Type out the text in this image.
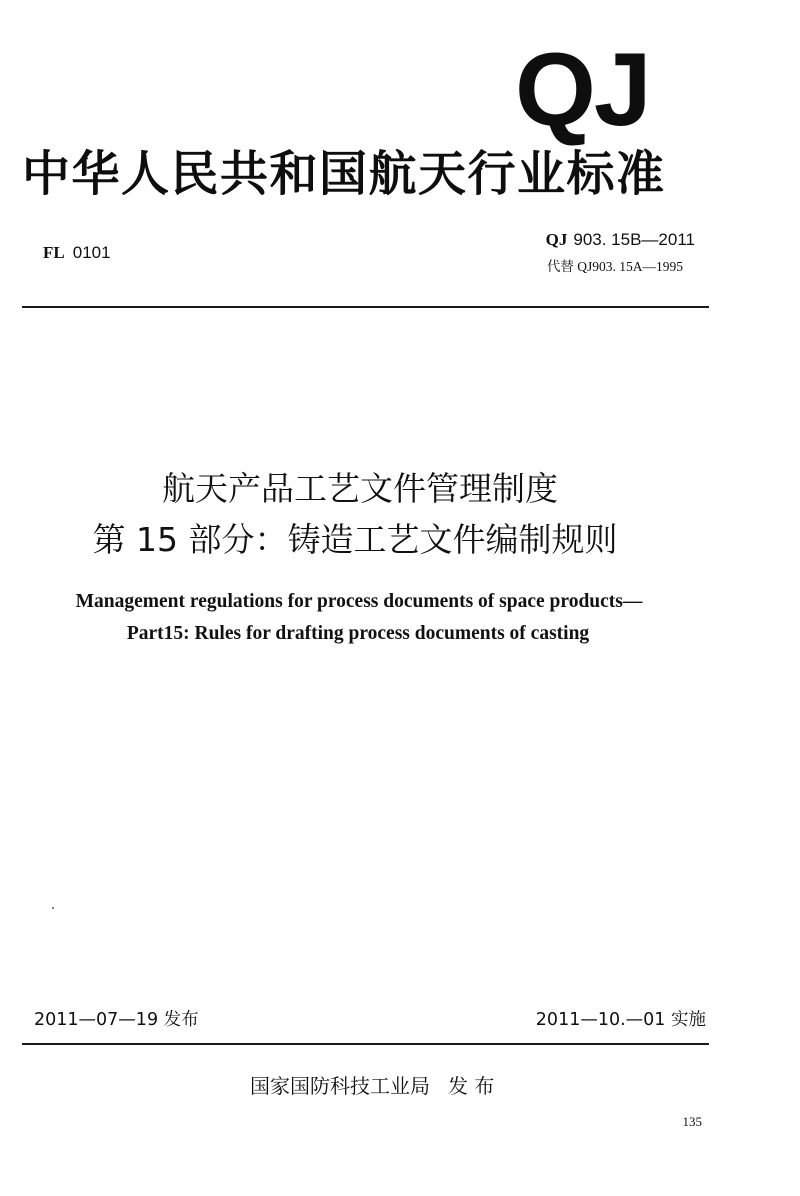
QJ
中华人民共和国航天行业标准
FL 0101
QJ 903. 15B—2011
代替 QJ903. 15A—1995
航天产品工艺文件管理制度
第 15 部分：铸造工艺文件编制规则
Management regulations for process documents of space products—
Part15: Rules for drafting process documents of casting
2011—07—19 发布	2011—10.—01 实施
国家国防科技工业局 发 布
135
